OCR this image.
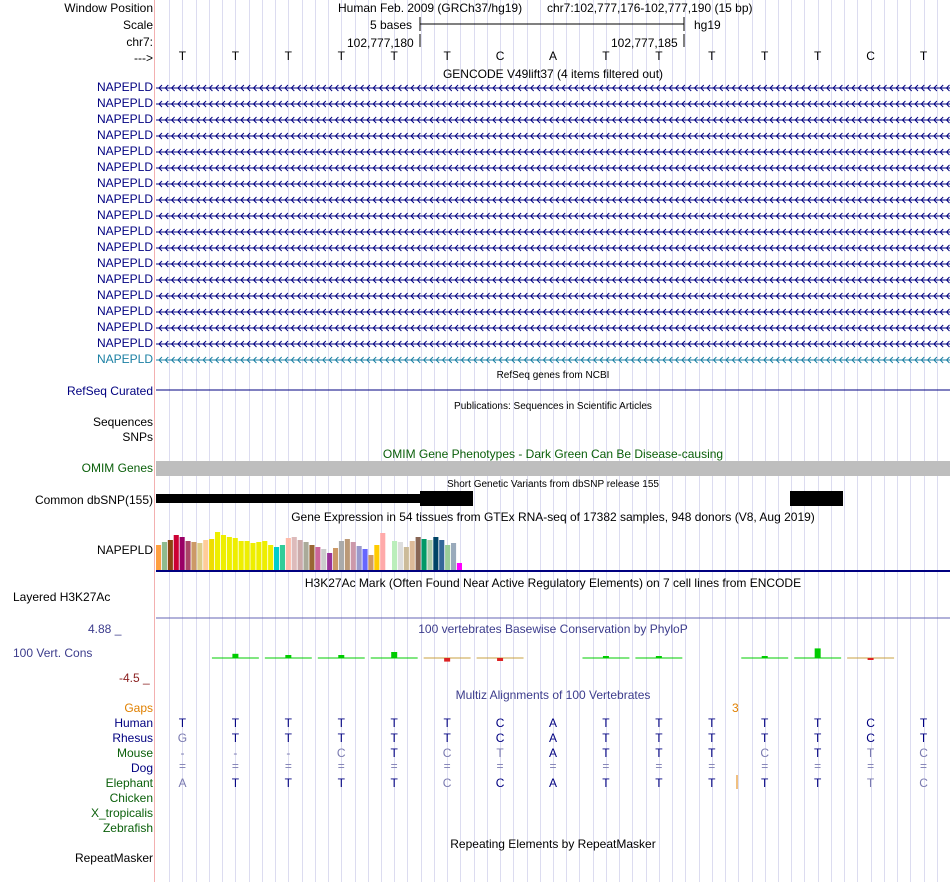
Window Position
Scale
chr7:
--->
Human Feb. 2009 (GRCh37/hg19) chr7:102,777,176-102,777,190 (15 bp)
5 bases	hg19
102,777,180	102,777,185
T	T	T	T	T	T	C	A	T	T	T	T	T	C	T
GENCODE V49lift37 (4 items filtered out)
NAPEPLD
NAPEPLD
NAPEPLD
NAPEPLD
NAPEPLD
NAPEPLD
NAPEPLD
NAPEPLD
NAPEPLD
NAPEPLD
NAPEPLD
NAPEPLD
NAPEPLD
NAPEPLD
NAPEPLD
NAPEPLD
NAPEPLD
NAPEPLD
RefSeq genes from NCBI
RefSeq Curated
Publications: Sequences in Scientific Articles
Sequences
SNPs
OMIM Gene Phenotypes - Dark Green Can Be Disease-causing
OMIM Genes
Short Genetic Variants from dbSNP release 155
Common dbSNP(155)
Gene Expression in 54 tissues from GTEx RNA-seq of 17382 samples, 948 donors (V8, Aug 2019)
NAPEPLD
H3K27Ac Mark (Often Found Near Active Regulatory Elements) on 7 cell lines from ENCODE
Layered H3K27Ac
4.88 _	100 vertebrates Basewise Conservation by PhyloP
100 Vert. Cons
-4.5 _
Multiz Alignments of 100 Vertebrates
Gaps	3
Human	T	T	T	T	T	T	C	A	T	T	T	T	T	C	T
Rhesus	G	T	T	T	T	T	C	A	T	T	T	T	T	C	T
Mouse	-	-	-	C	T	C	T	A	T	T	T	C	T	T	C
Dog	=	=	=	=	=	=	=	=	=	=	=	=	=	=	=
Elephant	A	T	T	T	T	C	C	A	T	T	T	T	T	T	C
Chicken
X_tropicalis
Zebrafish
Repeating Elements by RepeatMasker
RepeatMasker
